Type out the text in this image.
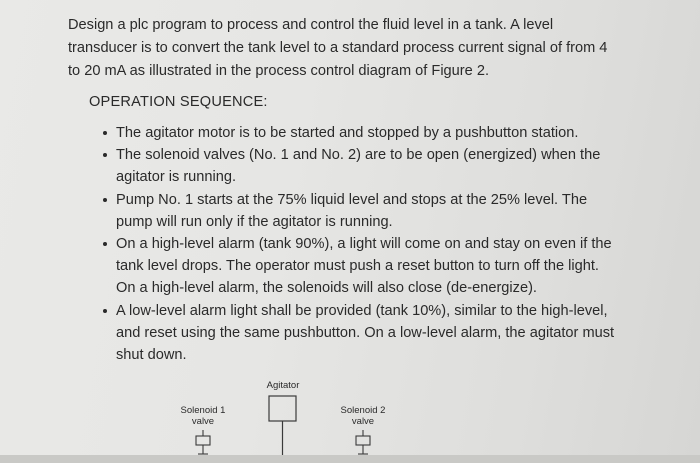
Design a plc program to process and control the fluid level in a tank. A level
transducer is to convert the tank level to a standard process current signal of from 4
to 20 mA as illustrated in the process control diagram of Figure 2.

OPERATION SEQUENCE:

The agitator motor is to be started and stopped by a pushbutton station.
The solenoid valves (No. 1 and No. 2) are to be open (energized) when the
agitator is running.
Pump No. 1 starts at the 75% liquid level and stops at the 25% level. The
pump will run only if the agitator is running.
On a high-level alarm (tank 90%), a light will come on and stay on even if the
tank level drops. The operator must push a reset button to turn off the light.
On a high-level alarm, the solenoids will also close (de-energize).
A low-level alarm light shall be provided (tank 10%), similar to the high-level,
and reset using the same pushbutton. On a low-level alarm, the agitator must
shut down.
Agitator
Solenoid 1
valve
Solenoid 2
valve
